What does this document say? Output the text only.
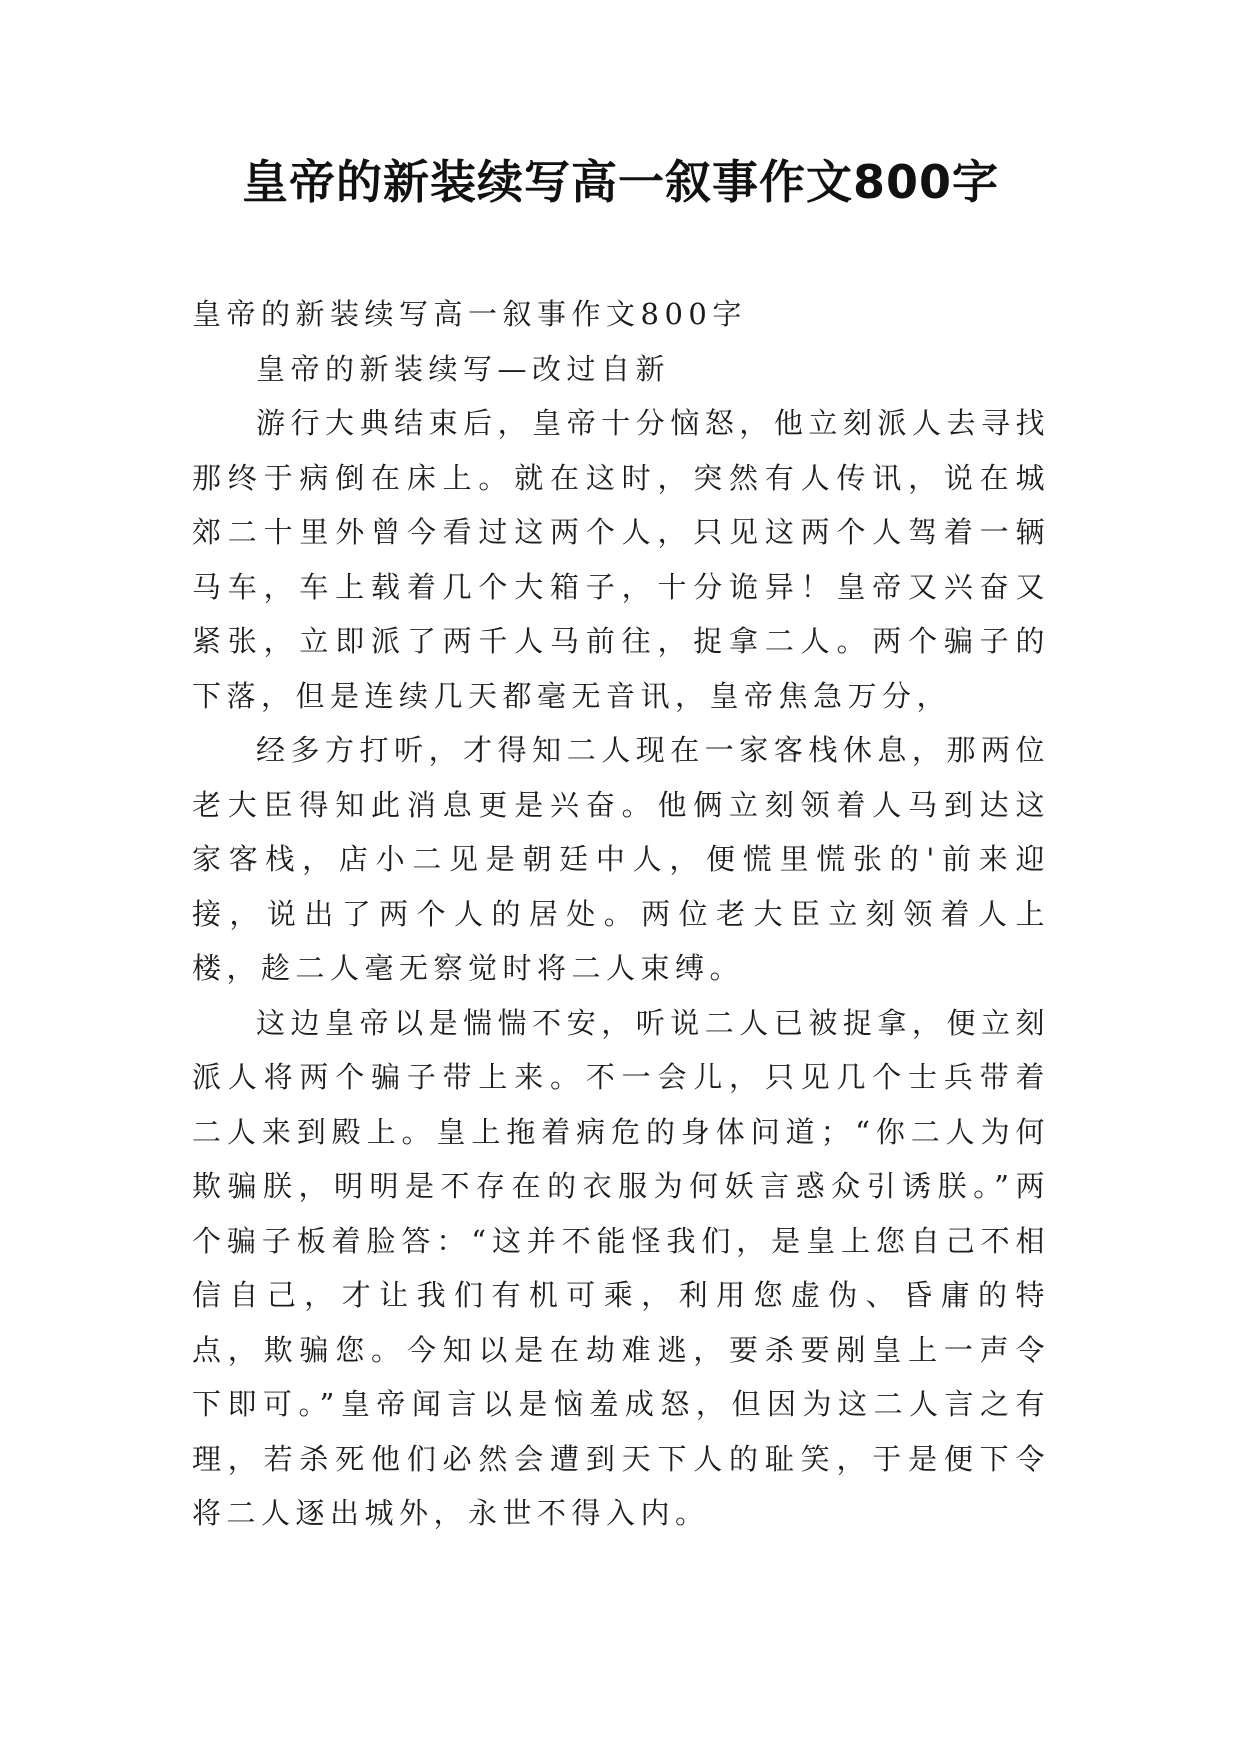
皇帝的新装续写高一叙事作文800字

皇帝的新装续写高一叙事作文800字

皇帝的新装续写—改过自新

游行大典结束后，皇帝十分恼怒，他立刻派人去寻找那终于病倒在床上。就在这时，突然有人传讯，说在城郊二十里外曾今看过这两个人，只见这两个人驾着一辆马车，车上载着几个大箱子，十分诡异！皇帝又兴奋又紧张，立即派了两千人马前往，捉拿二人。两个骗子的下落，但是连续几天都毫无音讯，皇帝焦急万分，

经多方打听，才得知二人现在一家客栈休息，那两位老大臣得知此消息更是兴奋。他俩立刻领着人马到达这家客栈，店小二见是朝廷中人，便慌里慌张的'前来迎接，说出了两个人的居处。两位老大臣立刻领着人上楼，趁二人毫无察觉时将二人束缚。

这边皇帝以是惴惴不安，听说二人已被捉拿，便立刻派人将两个骗子带上来。不一会儿，只见几个士兵带着二人来到殿上。皇上拖着病危的身体问道；“你二人为何欺骗朕，明明是不存在的衣服为何妖言惑众引诱朕。”两个骗子板着脸答：“这并不能怪我们，是皇上您自己不相信自己，才让我们有机可乘，利用您虚伪、昏庸的特点，欺骗您。今知以是在劫难逃，要杀要剐皇上一声令下即可。”皇帝闻言以是恼羞成怒，但因为这二人言之有理，若杀死他们必然会遭到天下人的耻笑，于是便下令将二人逐出城外，永世不得入内。
